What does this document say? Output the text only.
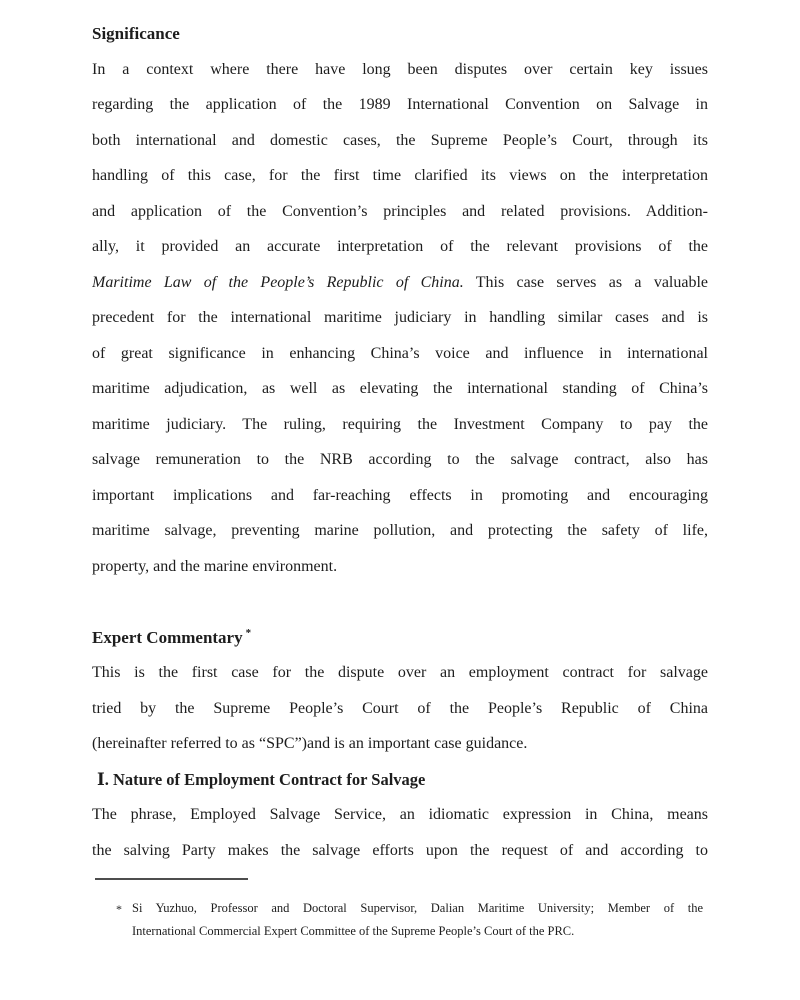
Significance
In a context where there have long been disputes over certain key issues
regarding the application of the 1989 International Convention on Salvage in
both international and domestic cases, the Supreme People’s Court, through its
handling of this case, for the first time clarified its views on the interpretation
and application of the Convention’s principles and related provisions. Addition-
ally, it provided an accurate interpretation of the relevant provisions of the
Maritime Law of the People’s Republic of China. This case serves as a valuable
precedent for the international maritime judiciary in handling similar cases and is
of great significance in enhancing China’s voice and influence in international
maritime adjudication, as well as elevating the international standing of China’s
maritime judiciary. The ruling, requiring the Investment Company to pay the
salvage remuneration to the NRB according to the salvage contract, also has
important implications and far-reaching effects in promoting and encouraging
maritime salvage, preventing marine pollution, and protecting the safety of life,
property, and the marine environment.
Expert Commentary *
This is the first case for the dispute over an employment contract for salvage
tried by the Supreme People’s Court of the People’s Republic of China
(hereinafter referred to as “SPC”)and is an important case guidance.
Ⅰ. Nature of Employment Contract for Salvage
The phrase, Employed Salvage Service, an idiomatic expression in China, means
the salving Party makes the salvage efforts upon the request of and according to
* Si Yuzhuo, Professor and Doctoral Supervisor, Dalian Maritime University; Member of the
International Commercial Expert Committee of the Supreme People’s Court of the PRC.
